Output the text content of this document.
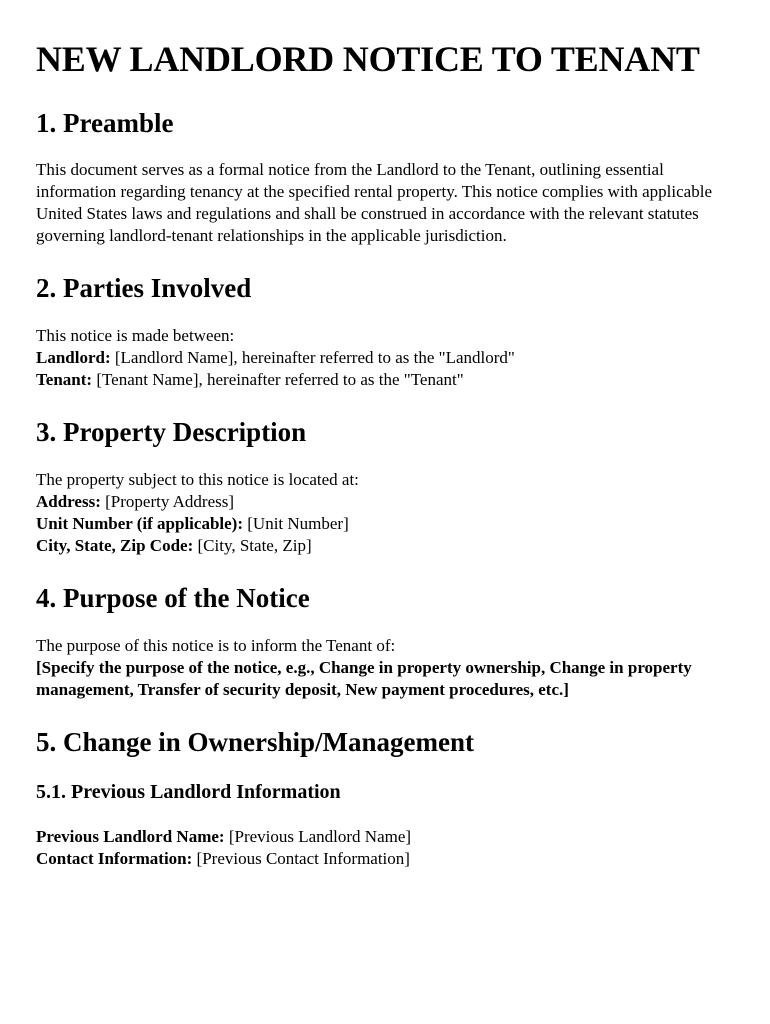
NEW LANDLORD NOTICE TO TENANT
1. Preamble

This document serves as a formal notice from the Landlord to the Tenant, outlining essential information regarding tenancy at the specified rental property. This notice complies with applicable United States laws and regulations and shall be construed in accordance with the relevant statutes governing landlord-tenant relationships in the applicable jurisdiction.

2. Parties Involved
This notice is made between:
Landlord: [Landlord Name], hereinafter referred to as the "Landlord"
Tenant: [Tenant Name], hereinafter referred to as the "Tenant"
3. Property Description
The property subject to this notice is located at:
Address: [Property Address]
Unit Number (if applicable): [Unit Number]
City, State, Zip Code: [City, State, Zip]
4. Purpose of the Notice
The purpose of this notice is to inform the Tenant of:
[Specify the purpose of the notice, e.g., Change in property ownership, Change in property management, Transfer of security deposit, New payment procedures, etc.]
5. Change in Ownership/Management
5.1. Previous Landlord Information
Previous Landlord Name: [Previous Landlord Name]
Contact Information: [Previous Contact Information]
